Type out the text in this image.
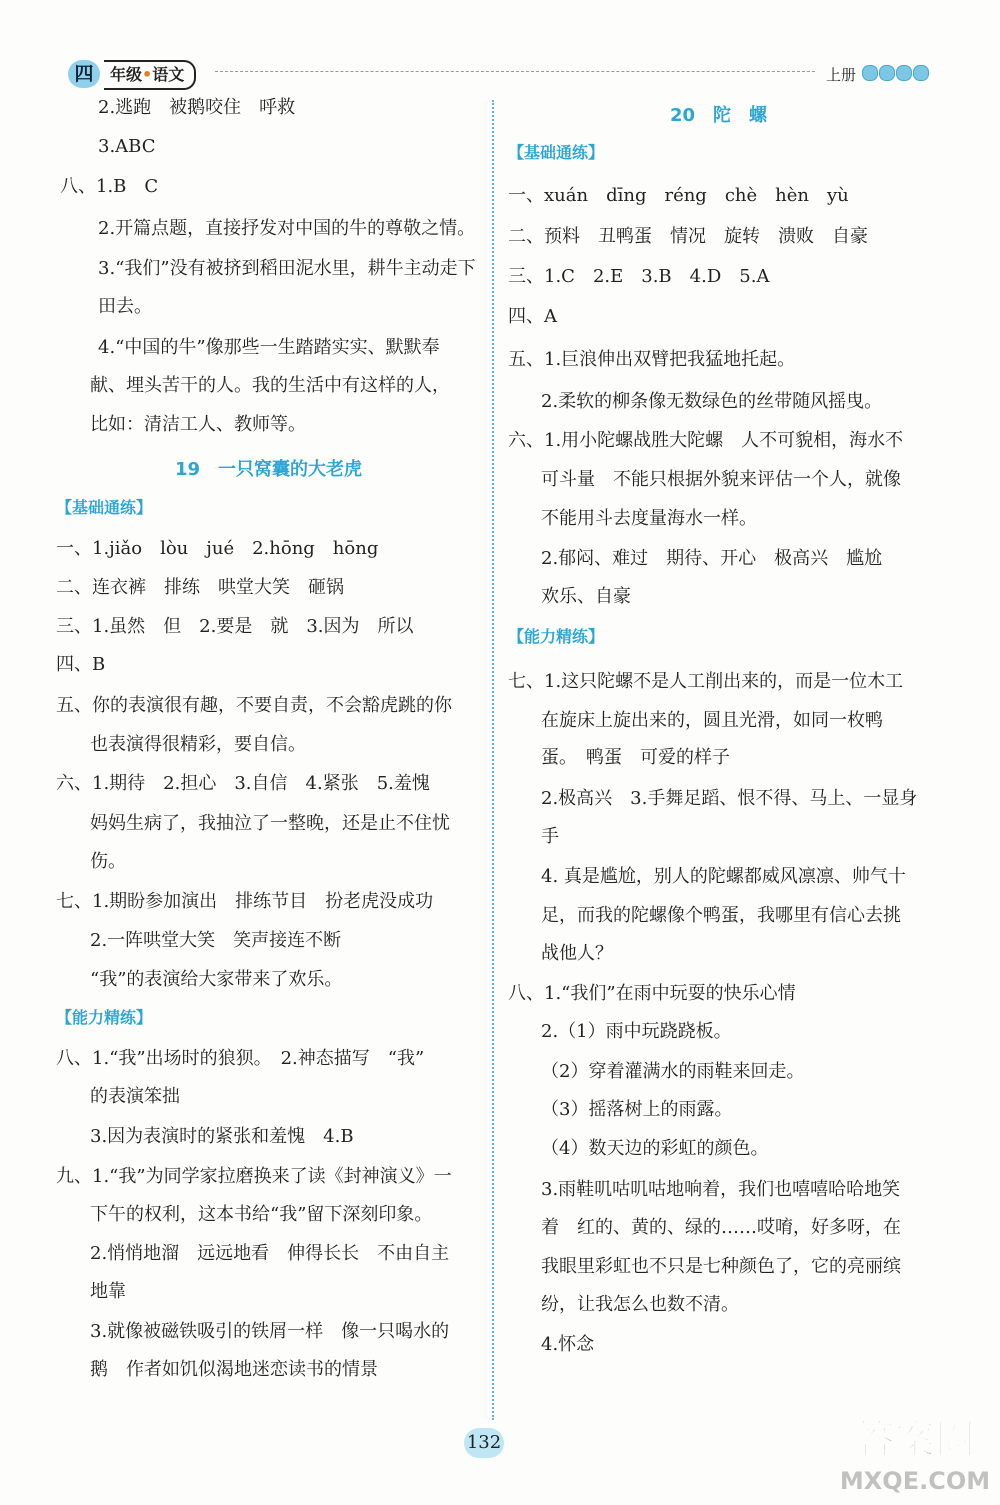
四	年级•语文	上册
2.逃跑　被鹅咬住　呼救
3.ABC
八、1.B　C
2.开篇点题，直接抒发对中国的牛的尊敬之情。
3.“我们”没有被挤到稻田泥水里，耕牛主动走下
田去。
4.“中国的牛”像那些一生踏踏实实、默默奉
献、埋头苦干的人。我的生活中有这样的人，
比如：清洁工人、教师等。
19　一只窝囊的大老虎
【基础通练】
一、1.jiǎo　lòu　jué　2.hōng　hōng
二、连衣裤　排练　哄堂大笑　砸锅
三、1.虽然　但　2.要是　就　3.因为　所以
四、B
五、你的表演很有趣，不要自责，不会豁虎跳的你
也表演得很精彩，要自信。
六、1.期待　2.担心　3.自信　4.紧张　5.羞愧
妈妈生病了，我抽泣了一整晚，还是止不住忧
伤。
七、1.期盼参加演出　排练节目　扮老虎没成功
2.一阵哄堂大笑　笑声接连不断
“我”的表演给大家带来了欢乐。
【能力精练】
八、1.“我”出场时的狼狈。　2.神态描写　“我”
的表演笨拙
3.因为表演时的紧张和羞愧　4.B
九、1.“我”为同学家拉磨换来了读《封神演义》一
下午的权利，这本书给“我”留下深刻印象。
2.悄悄地溜　远远地看　伸得长长　不由自主
地靠
3.就像被磁铁吸引的铁屑一样　像一只喝水的
鹅　作者如饥似渴地迷恋读书的情景
20　陀　螺
【基础通练】
一、xuán　dīng　réng　chè　hèn　yù
二、预料　丑鸭蛋　情况　旋转　溃败　自豪
三、1.C　2.E　3.B　4.D　5.A
四、A
五、1.巨浪伸出双臂把我猛地托起。
2.柔软的柳条像无数绿色的丝带随风摇曳。
六、1.用小陀螺战胜大陀螺　人不可貌相，海水不
可斗量　不能只根据外貌来评估一个人，就像
不能用斗去度量海水一样。
2.郁闷、难过　期待、开心　极高兴　尴尬
欢乐、自豪
【能力精练】
七、1.这只陀螺不是人工削出来的，而是一位木工
在旋床上旋出来的，圆且光滑，如同一枚鸭
蛋。　鸭蛋　可爱的样子
2.极高兴　3.手舞足蹈、恨不得、马上、一显身
手
4. 真是尴尬，别人的陀螺都威风凛凛、帅气十
足，而我的陀螺像个鸭蛋，我哪里有信心去挑
战他人？
八、1.“我们”在雨中玩耍的快乐心情
2.（1）雨中玩跷跷板。
（2）穿着灌满水的雨鞋来回走。
（3）摇落树上的雨露。
（4）数天边的彩虹的颜色。
3.雨鞋叽咕叽咕地响着，我们也嘻嘻哈哈地笑
着　红的、黄的、绿的……哎唷，好多呀，在
我眼里彩虹也不只是七种颜色了，它的亮丽缤
纷，让我怎么也数不清。
4.怀念
132	答案圈
MXQE.COM
